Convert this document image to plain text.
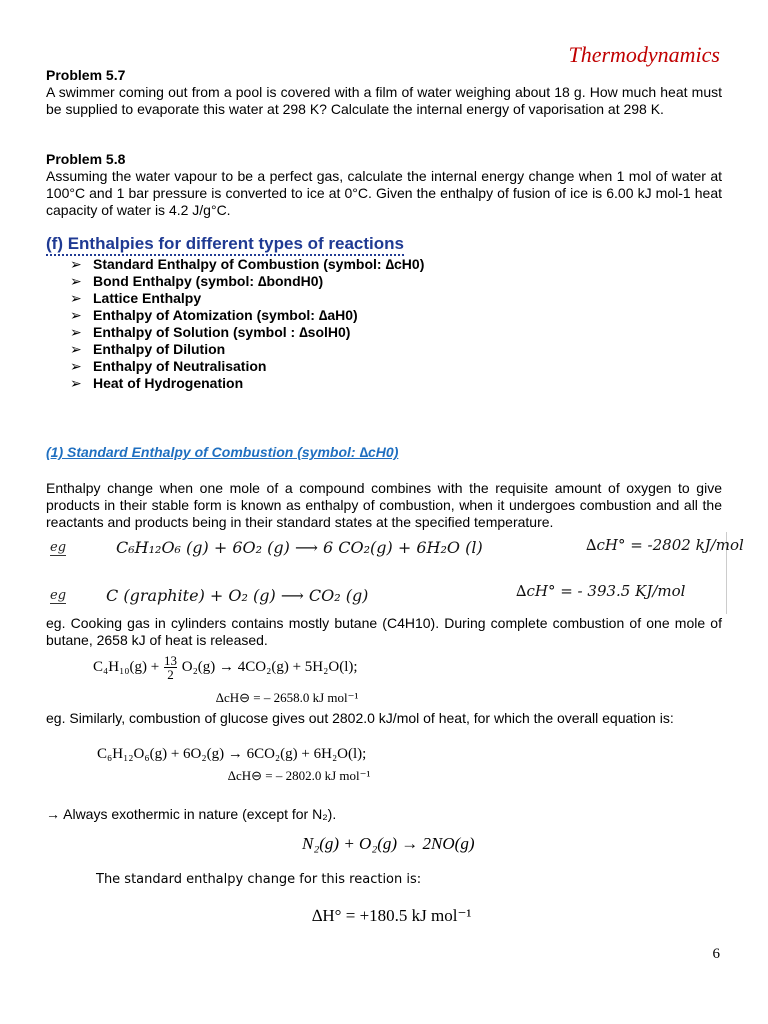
Thermodynamics
Problem 5.7
A swimmer coming out from a pool is covered with a film of water weighing about 18 g. How much heat must be supplied to evaporate this water at 298 K? Calculate the internal energy of vaporisation at 298 K.
Problem 5.8
Assuming the water vapour to be a perfect gas, calculate the internal energy change when 1 mol of water at 100°C and 1 bar pressure is converted to ice at 0°C. Given the enthalpy of fusion of ice is 6.00 kJ mol-1 heat capacity of water is 4.2 J/g°C.
(f) Enthalpies for different types of reactions
➢ Standard Enthalpy of Combustion (symbol: ∆cH0)
➢ Bond Enthalpy (symbol: ∆bondH0)
➢ Lattice Enthalpy
➢ Enthalpy of Atomization (symbol: ∆aH0)
➢ Enthalpy of Solution (symbol : ∆solH0)
➢ Enthalpy of Dilution
➢ Enthalpy of Neutralisation
➢ Heat of Hydrogenation
(1) Standard Enthalpy of Combustion (symbol: ∆cH0)
Enthalpy change when one mole of a compound combines with the requisite amount of oxygen to give products in their stable form is known as enthalpy of combustion, when it undergoes combustion and all the reactants and products being in their standard states at the specified temperature.
eg	C₆H₁₂O₆ (g) + 6O₂ (g) ⟶ 6 CO₂(g) + 6H₂O (l)	∆cH° = -2802 kJ/mol
eg C (graphite) + O₂ (g) ⟶ CO₂ (g)	∆cH° = - 393.5 KJ/mol
eg. Cooking gas in cylinders contains mostly butane (C4H10). During complete combustion of one mole of butane, 2658 kJ of heat is released.
$C_4H_{10}(g) + \frac{13}{2} O_2(g) \to 4CO_2(g) + 5H_2O(l)$;
∆cH⊖ = – 2658.0 kJ mol⁻¹
eg. Similarly, combustion of glucose gives out 2802.0 kJ/mol of heat, for which the overall equation is:
C₆H₁₂O₆(g) + 6O₂(g) → 6CO₂(g) + 6H₂O(l);
∆cH⊖ = – 2802.0 kJ mol⁻¹
→ Always exothermic in nature (except for N₂).
N₂(g) + O₂(g) → 2NO(g)
The standard enthalpy change for this reaction is:
∆H° = +180.5 kJ mol⁻¹
6
